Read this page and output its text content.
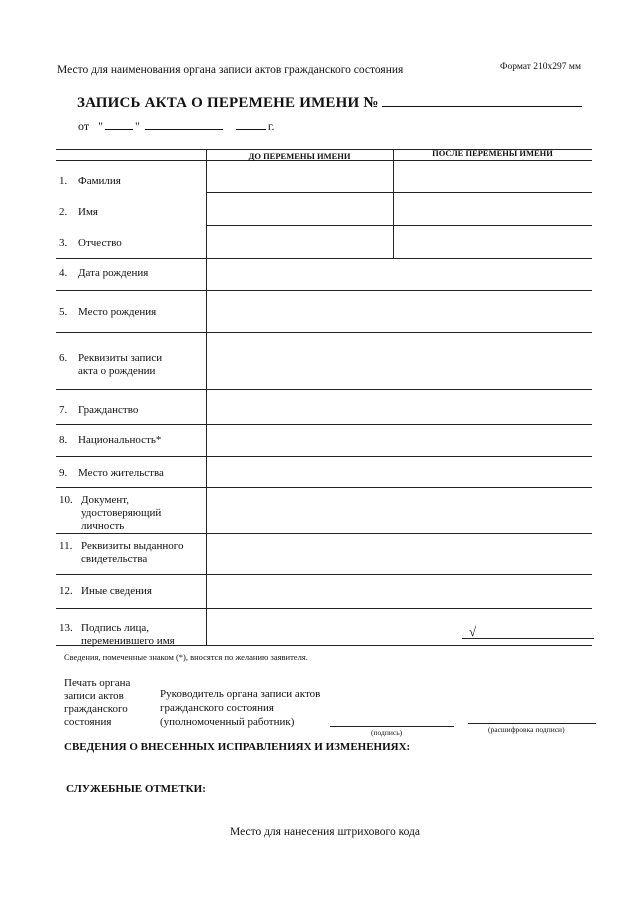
Место для наименования органа записи актов гражданского состояния	Формат 210х297 мм
ЗАПИСЬ АКТА О ПЕРЕМЕНЕ ИМЕНИ №
от "	"	г.
ДО ПЕРЕМЕНЫ ИМЕНИ	ПОСЛЕ ПЕРЕМЕНЫ ИМЕНИ
1. Фамилия
2. Имя
3. Отчество
4. Дата рождения
5. Место рождения
6. Реквизиты записи
акта о рождении
7. Гражданство
8. Национальность*
9. Место жительства
10. Документ,
удостоверяющий
личность
11. Реквизиты выданного
свидетельства
12. Иные сведения
13. Подпись лица,
переменившего имя
√
Сведения, помеченные знаком (*), вносятся по желанию заявителя.
Печать органа записи актов гражданского состояния
Руководитель органа записи актов гражданского состояния (уполномоченный работник)
(подпись)	(расшифровка подписи)
СВЕДЕНИЯ О ВНЕСЕННЫХ ИСПРАВЛЕНИЯХ И ИЗМЕНЕНИЯХ:
СЛУЖЕБНЫЕ ОТМЕТКИ:
Место для нанесения штрихового кода
